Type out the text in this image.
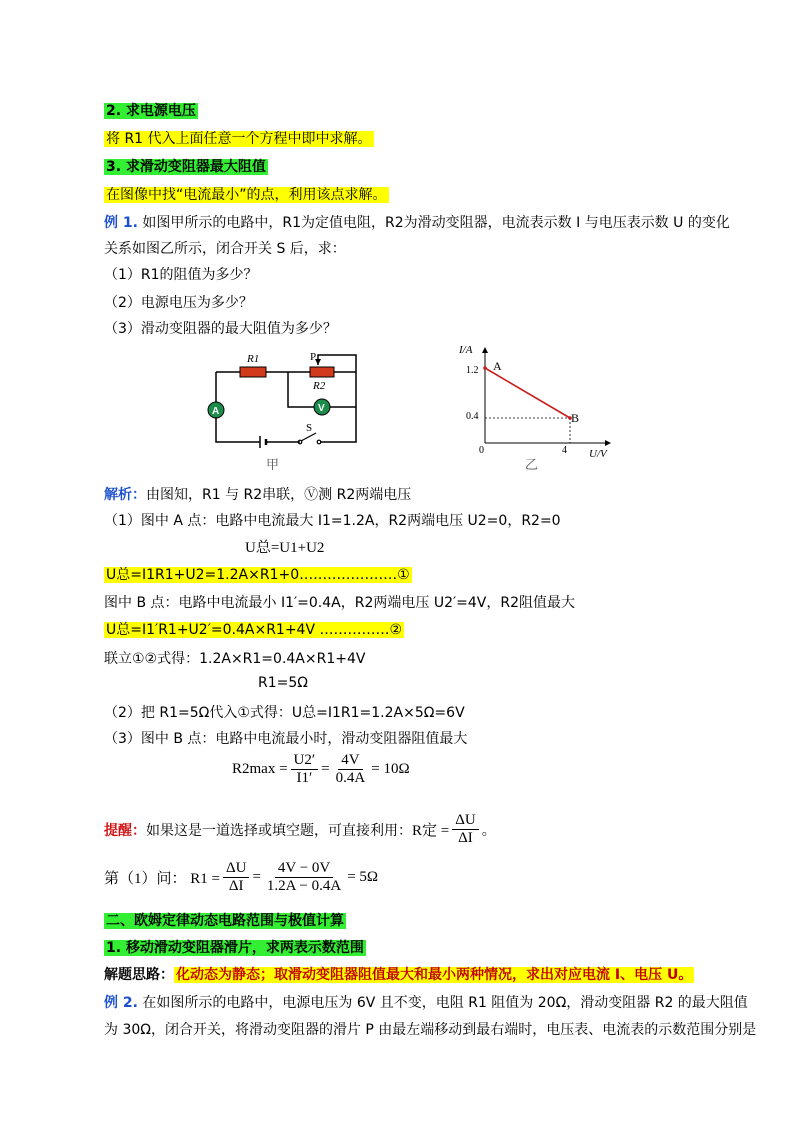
2. 求电源电压
将 R1 代入上面任意一个方程中即中求解。
3. 求滑动变阻器最大阻值
在图像中找“电流最小”的点，利用该点求解。
例 1. 如图甲所示的电路中，R1为定值电阻，R2为滑动变阻器，电流表示数 I 与电压表示数 U 的变化
关系如图乙所示，闭合开关 S 后，求：
（1）R1的阻值为多少？
（2）电源电压为多少？
（3）滑动变阻器的最大阻值为多少？
R1	P
R2
A	V
S
甲
I/A
U/V
1.2
0.4
0	4
A
B
乙
解析：由图知，R1 与 R2串联，Ⓥ测 R2两端电压
（1）图中 A 点：电路中电流最大 I1=1.2A，R2两端电压 U2=0，R2=0
U总=U1+U2
U总=I1R1+U2=1.2A×R1+0…………………①
图中 B 点：电路中电流最小 I1′=0.4A，R2两端电压 U2′=4V，R2阻值最大
U总=I1′R1+U2′=0.4A×R1+4V ……………②
联立①②式得：1.2A×R1=0.4A×R1+4V
R1=5Ω
（2）把 R1=5Ω代入①式得：U总=I1R1=1.2A×5Ω=6V
（3）图中 B 点：电路中电流最小时，滑动变阻器阻值最大
$R2\max = \frac{U2'}{I1'} = \frac{4V}{0.4A} = 10\Omega$
提醒： 如果这是一道选择或填空题，可直接利用： R定 = $\frac{\Delta U}{\Delta I}$ 。
第（1）问： $R1 = \frac{\Delta U}{\Delta I} = \frac{4V - 0V}{1.2A - 0.4A} = 5\Omega$
二、欧姆定律动态电路范围与极值计算
1. 移动滑动变阻器滑片，求两表示数范围
解题思路： 化动态为静态；取滑动变阻器阻值最大和最小两种情况，求出对应电流 I、电压 U。
例 2. 在如图所示的电路中，电源电压为 6V 且不变，电阻 R1 阻值为 20Ω，滑动变阻器 R2 的最大阻值
为 30Ω，闭合开关，将滑动变阻器的滑片 P 由最左端移动到最右端时，电压表、电流表的示数范围分别是
